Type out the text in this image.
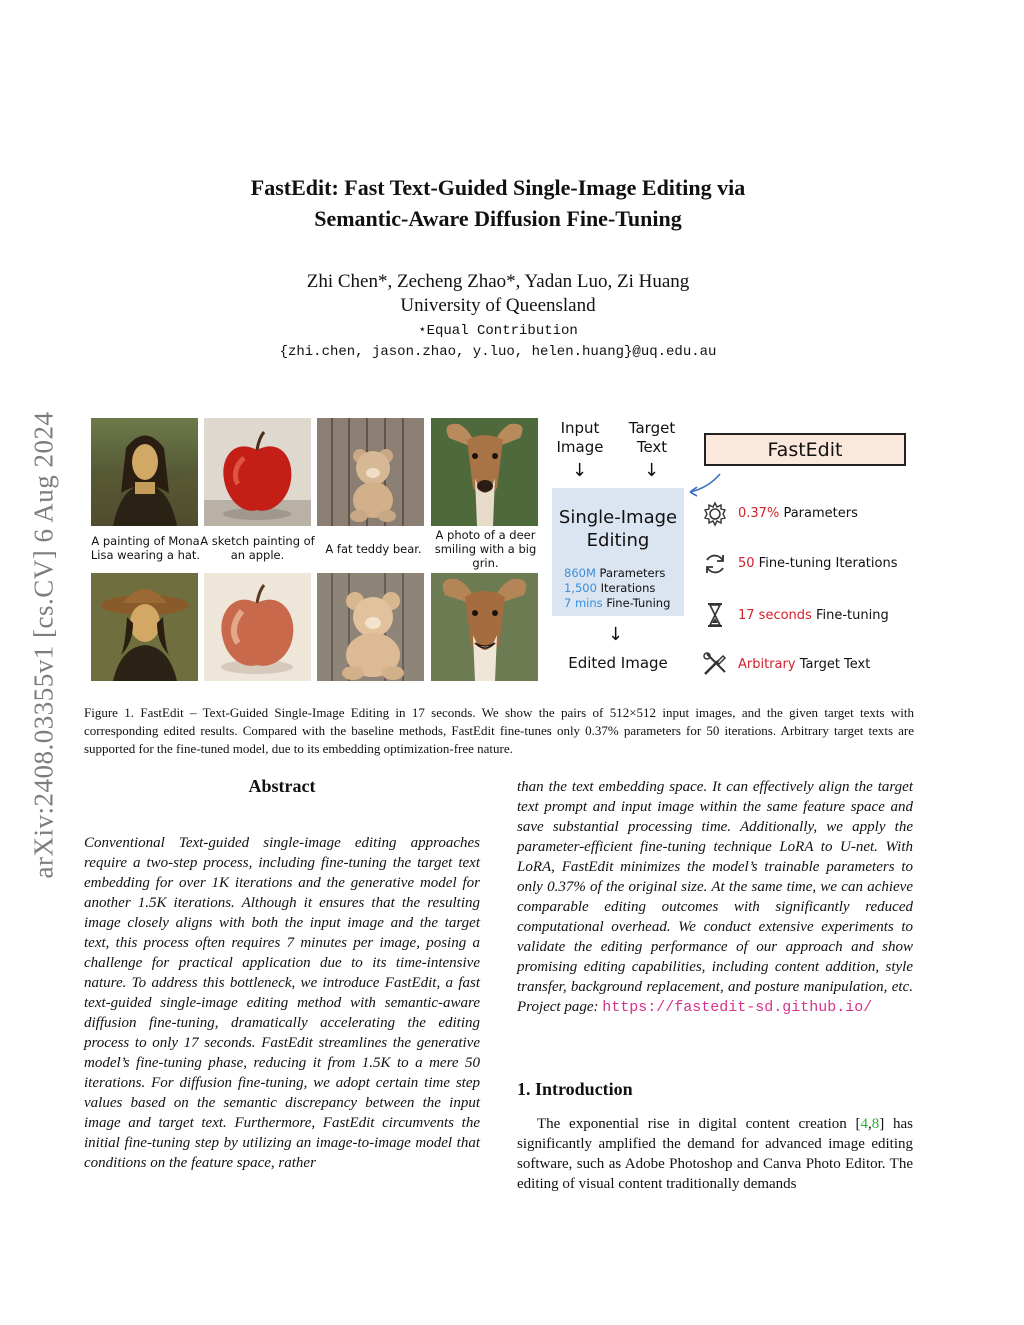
arXiv:2408.03355v1 [cs.CV] 6 Aug 2024
FastEdit: Fast Text-Guided Single-Image Editing via
Semantic-Aware Diffusion Fine-Tuning
Zhi Chen*, Zecheng Zhao*, Yadan Luo, Zi Huang
University of Queensland
⋆Equal Contribution
{zhi.chen, jason.zhao, y.luo, helen.huang}@uq.edu.au
A painting of Mona Lisa wearing a hat.
A sketch painting of an apple.	A fat teddy bear.
A photo of a deer smiling with a big grin.
Input Image
Target Text
↓	↓
Single-Image Editing
860M Parameters
1,500 Iterations
7 mins Fine-Tuning
↓
Edited Image
FastEdit
0.37% Parameters
50 Fine-tuning Iterations
17 seconds Fine-tuning
Arbitrary Target Text
Figure 1. FastEdit – Text-Guided Single-Image Editing in 17 seconds. We show the pairs of 512×512 input images, and the given target texts with corresponding edited results. Compared with the baseline methods, FastEdit fine-tunes only 0.37% parameters for 50 iterations. Arbitrary target texts are supported for the fine-tuned model, due to its embedding optimization-free nature.
Abstract
Conventional Text-guided single-image editing approaches require a two-step process, including fine-tuning the target text embedding for over 1K iterations and the generative model for another 1.5K iterations. Although it ensures that the resulting image closely aligns with both the input image and the target text, this process often requires 7 minutes per image, posing a challenge for practical application due to its time-intensive nature. To address this bottleneck, we introduce FastEdit, a fast text-guided single-image editing method with semantic-aware diffusion fine-tuning, dramatically accelerating the editing process to only 17 seconds. FastEdit streamlines the generative model’s fine-tuning phase, reducing it from 1.5K to a mere 50 iterations. For diffusion fine-tuning, we adopt certain time step values based on the semantic discrepancy between the input image and target text. Furthermore, FastEdit circumvents the initial fine-tuning step by utilizing an image-to-image model that conditions on the feature space, rather
than the text embedding space. It can effectively align the target text prompt and input image within the same feature space and save substantial processing time. Additionally, we apply the parameter-efficient fine-tuning technique LoRA to U-net. With LoRA, FastEdit minimizes the model’s trainable parameters to only 0.37% of the original size. At the same time, we can achieve comparable editing outcomes with significantly reduced computational overhead. We conduct extensive experiments to validate the editing performance of our approach and show promising editing capabilities, including content addition, style transfer, background replacement, and posture manipulation, etc. Project page: https://fastedit-sd.github.io/
1. Introduction
The exponential rise in digital content creation [4,8] has significantly amplified the demand for advanced image editing software, such as Adobe Photoshop and Canva Photo Editor. The editing of visual content traditionally demands
